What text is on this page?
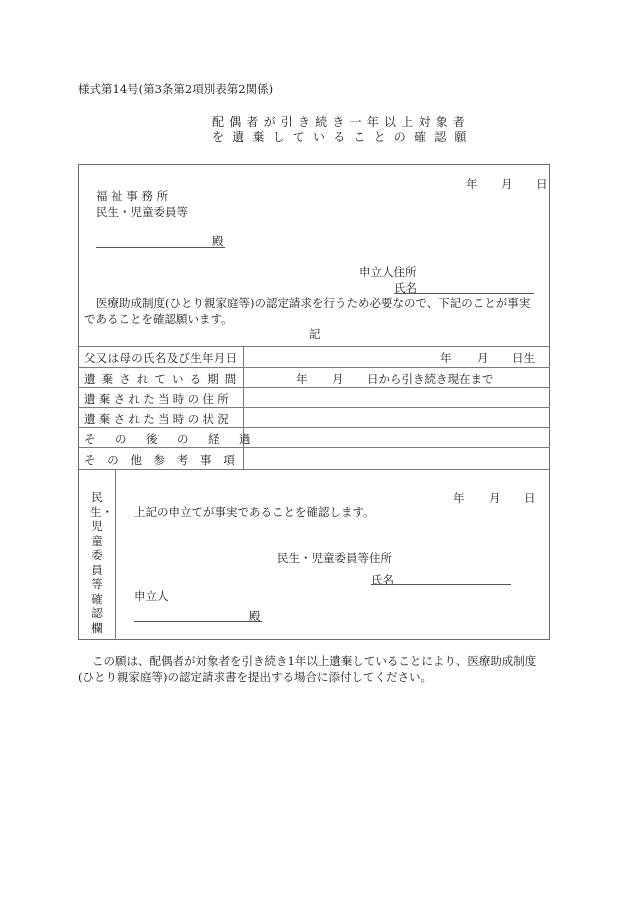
様式第14号(第3条第2項別表第2関係)
配偶者が引き続き一年以上対象者
を遺棄していることの確認願
年 月 日
福 祉 事 務 所
民生・児童委員等
殿
申立人住所
氏名
医療助成制度(ひとり親家庭等)の認定請求を行うため必要なので、下記のことが事実
であることを確認願います。
記
父又は母の氏名及び生年月日	年 月 日生
遺棄されている期間	年 月 日から引き続き現在まで
遺棄された当時の住所
遺棄された当時の状況
その後の経過
その他参考事項
民生・児童委員等確認欄
年 月 日
上記の申立てが事実であることを確認します。
民生・児童委員等住所
氏名
申立人
殿
この願は、配偶者が対象者を引き続き1年以上遺棄していることにより、医療助成制度
(ひとり親家庭等)の認定請求書を提出する場合に添付してください。
